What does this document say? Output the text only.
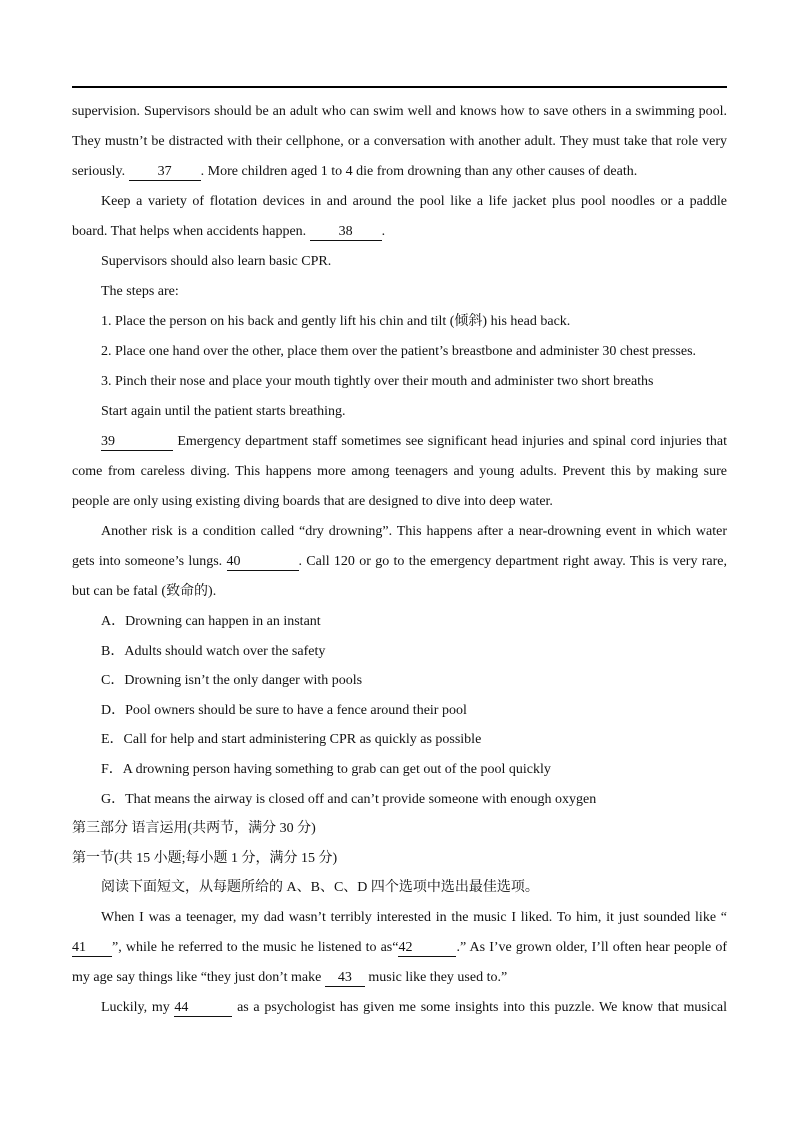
supervision. Supervisors should be an adult who can swim well and knows how to save others in a swimming pool.

They mustn’t be distracted with their cellphone, or a conversation with another adult. They must take that role very

seriously. 37 . More children aged 1 to 4 die from drowning than any other causes of death.

Keep a variety of flotation devices in and around the pool like a life jacket plus pool noodles or a paddle

board. That helps when accidents happen. 38 .

Supervisors should also learn basic CPR.

The steps are:

1. Place the person on his back and gently lift his chin and tilt (倾斜) his head back.

2. Place one hand over the other, place them over the patient’s breastbone and administer 30 chest presses.

3. Pinch their nose and place your mouth tightly over their mouth and administer two short breaths

Start again until the patient starts breathing.

39	Emergency department staff sometimes see significant head injuries and spinal cord injuries that

come from careless diving. This happens more among teenagers and young adults. Prevent this by making sure

people are only using existing diving boards that are designed to dive into deep water.

Another risk is a condition called “dry drowning”. This happens after a near-drowning event in which water

gets into someone’s lungs. 40	. Call 120 or go to the emergency department right away. This is very rare,

but can be fatal (致命的).

A．Drowning can happen in an instant

B．Adults should watch over the safety

C．Drowning isn’t the only danger with pools

D．Pool owners should be sure to have a fence around their pool

E．Call for help and start administering CPR as quickly as possible

F．A drowning person having something to grab can get out of the pool quickly

G．That means the airway is closed off and can’t provide someone with enough oxygen

第三部分 语言运用(共两节，满分 30 分)

第一节(共 15 小题;每小题 1 分，满分 15 分)

阅读下面短文，从每题所给的 A、B、C、D 四个选项中选出最佳选项。

When I was a teenager, my dad wasn’t terribly interested in the music I liked. To him, it just sounded like “

41 ”, while he referred to the music he listened to as“42	.” As I’ve grown older, I’ll often hear people of

my age say things like “they just don’t make 43 music like they used to.”

Luckily, my 44	as a psychologist has given me some insights into this puzzle. We know that musical
